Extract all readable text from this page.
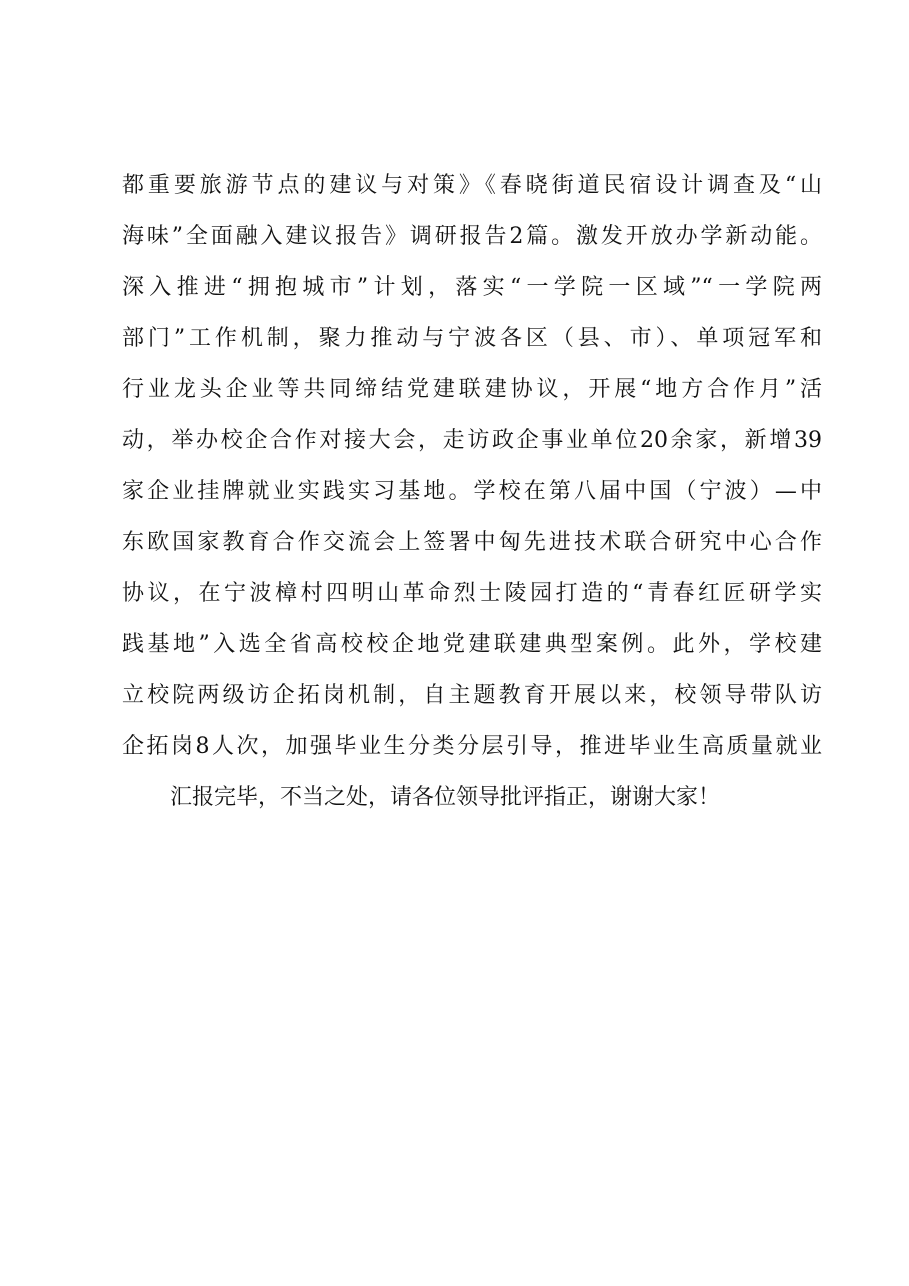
都重要旅游节点的建议与对策》《春晓街道民宿设计调查及“山
海味”全面融入建议报告》调研报告2篇。激发开放办学新动能。
深入推进“拥抱城市”计划，落实“一学院一区域”“一学院两
部门”工作机制，聚力推动与宁波各区（县、市）、单项冠军和
行业龙头企业等共同缔结党建联建协议，开展“地方合作月”活
动，举办校企合作对接大会，走访政企事业单位20余家，新增39
家企业挂牌就业实践实习基地。学校在第八届中国（宁波）—中
东欧国家教育合作交流会上签署中匈先进技术联合研究中心合作
协议，在宁波樟村四明山革命烈士陵园打造的“青春红匠研学实
践基地”入选全省高校校企地党建联建典型案例。此外，学校建
立校院两级访企拓岗机制，自主题教育开展以来，校领导带队访
企拓岗8人次，加强毕业生分类分层引导，推进毕业生高质量就业
汇报完毕，不当之处，请各位领导批评指正，谢谢大家！
